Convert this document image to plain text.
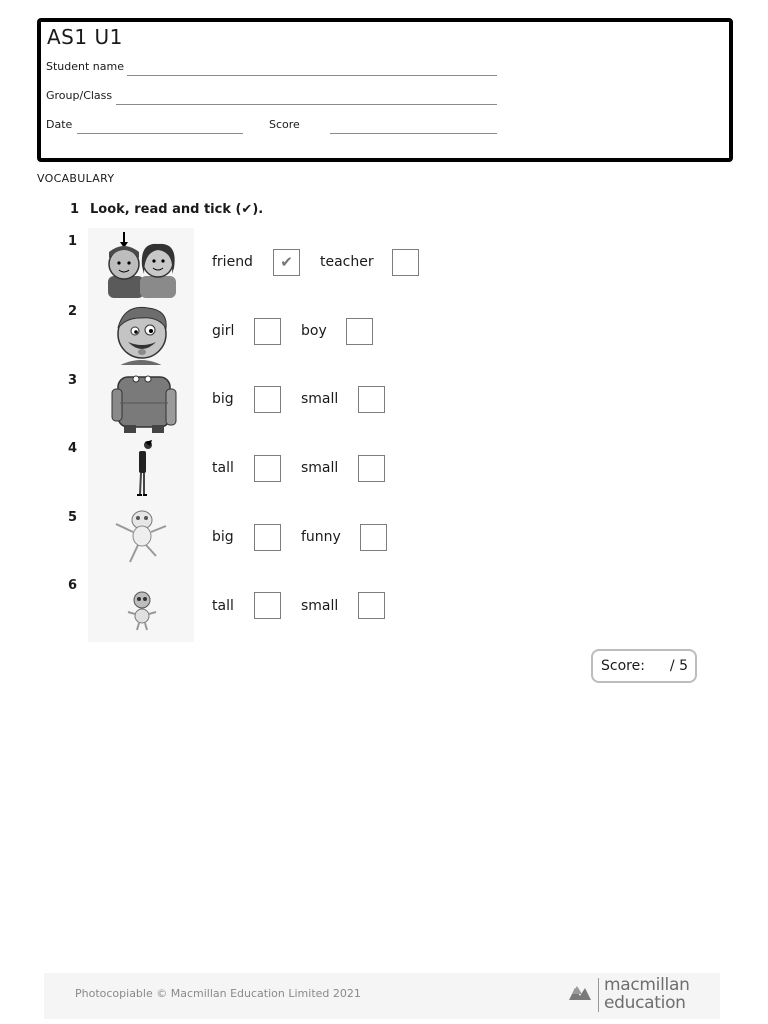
AS1 U1
Student name
Group/Class
Date	Score
VOCABULARY
1 Look, read and tick (✔).
1
friend	✔	teacher
2
girl	boy
3
big	small
4
tall	small
5
big	funny
6
tall	small
Score: / 5
Photocopiable © Macmillan Education Limited 2021	macmillan
education
